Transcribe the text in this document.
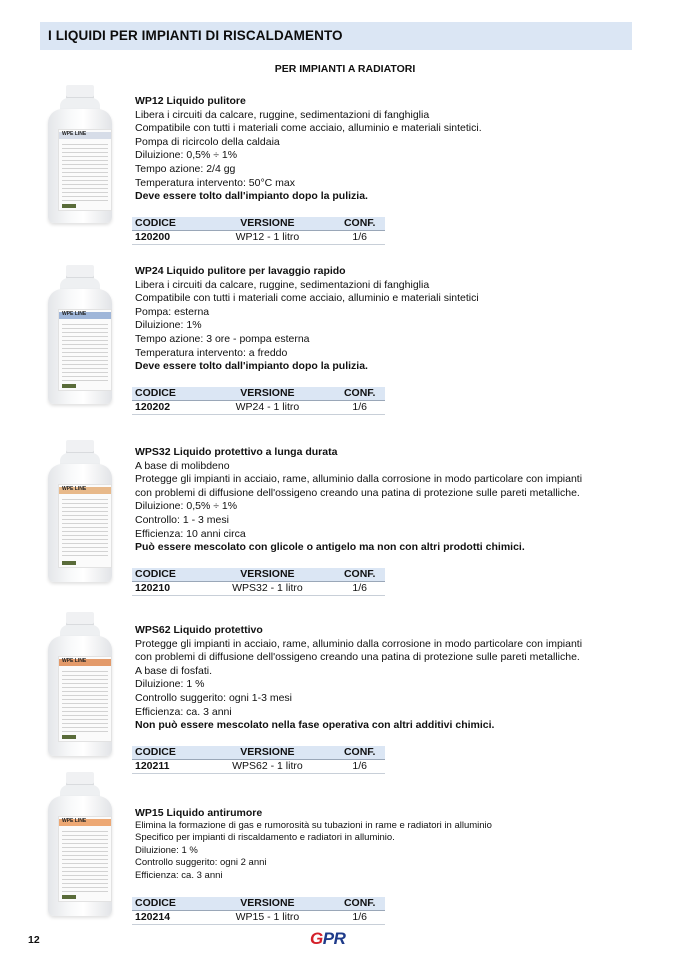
I LIQUIDI PER IMPIANTI DI RISCALDAMENTO
PER IMPIANTI A RADIATORI
WPE LINE
WP12 Liquido pulitore
Libera i circuiti da calcare, ruggine, sedimentazioni di fanghiglia
Compatibile con tutti i materiali come acciaio, alluminio e materiali sintetici.
Pompa di ricircolo della caldaia
Diluizione: 0,5% ÷ 1%
Tempo azione: 2/4 gg
Temperatura intervento: 50°C max
Deve essere tolto dall'impianto dopo la pulizia.
CODICE	VERSIONE	CONF.
120200	WP12 - 1 litro	1/6
WPE LINE
WP24 Liquido pulitore per lavaggio rapido
Libera i circuiti da calcare, ruggine, sedimentazioni di fanghiglia
Compatibile con tutti i materiali come acciaio, alluminio e materiali sintetici
Pompa: esterna
Diluizione: 1%
Tempo azione: 3 ore - pompa esterna
Temperatura intervento: a freddo
Deve essere tolto dall'impianto dopo la pulizia.
CODICE	VERSIONE	CONF.
120202	WP24 - 1 litro	1/6
WPE LINE
WPS32 Liquido protettivo a lunga durata
A base di molibdeno
Protegge gli impianti in acciaio, rame, alluminio dalla corrosione in modo particolare con impianti
con problemi di diffusione dell'ossigeno creando una patina di protezione sulle pareti metalliche.
Diluizione: 0,5% ÷ 1%
Controllo: 1 - 3 mesi
Efficienza: 10 anni circa
Può essere mescolato con glicole o antigelo ma non con altri prodotti chimici.
CODICE	VERSIONE	CONF.
120210	WPS32 - 1 litro	1/6
WPE LINE
WPS62 Liquido protettivo
Protegge gli impianti in acciaio, rame, alluminio dalla corrosione in modo particolare con impianti
con problemi di diffusione dell'ossigeno creando una patina di protezione sulle pareti metalliche.
A base di fosfati.
Diluizione: 1 %
Controllo suggerito: ogni 1-3 mesi
Efficienza: ca. 3 anni
Non può essere mescolato nella fase operativa con altri additivi chimici.
CODICE	VERSIONE	CONF.
120211	WPS62 - 1 litro	1/6
WPE LINE
WP15 Liquido antirumore
Elimina la formazione di gas e rumorosità su tubazioni in rame e radiatori in alluminio
Specifico per impianti di riscaldamento e radiatori in alluminio.
Diluizione: 1 %
Controllo suggerito: ogni 2 anni
Efficienza: ca. 3 anni
CODICE	VERSIONE	CONF.
120214	WP15 - 1 litro	1/6
12	GPR
